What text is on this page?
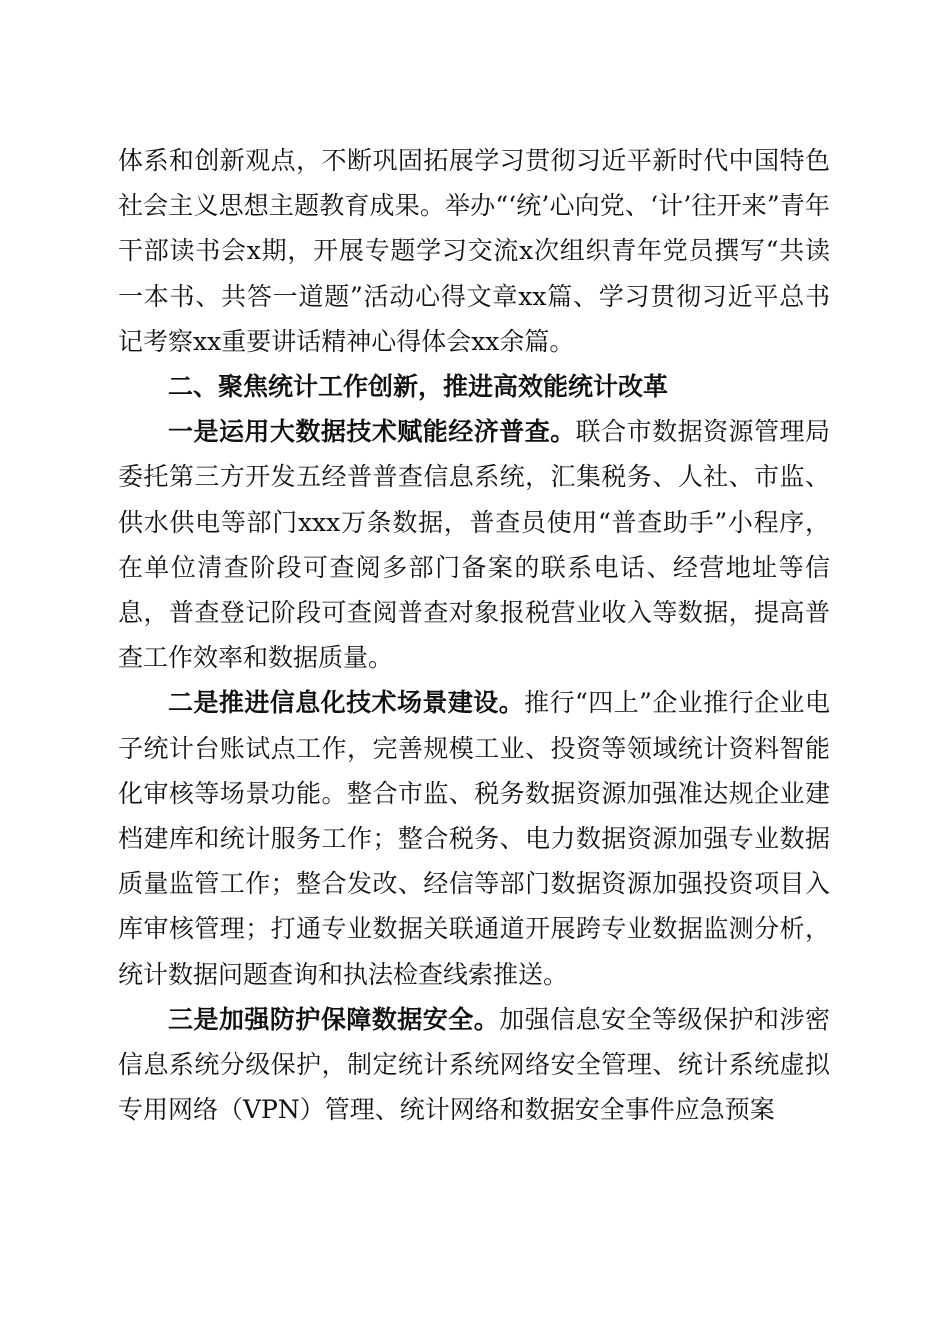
体系和创新观点，不断巩固拓展学习贯彻习近平新时代中国特色社会主义思想主题教育成果。举办“‘统’心向党、‘计’往开来”青年干部读书会x期，开展专题学习交流x次组织青年党员撰写“共读一本书、共答一道题”活动心得文章xx篇、学习贯彻习近平总书记考察xx重要讲话精神心得体会xx余篇。

二、聚焦统计工作创新，推进高效能统计改革

一是运用大数据技术赋能经济普查。联合市数据资源管理局委托第三方开发五经普普查信息系统，汇集税务、人社、市监、供水供电等部门xxx万条数据，普查员使用“普查助手”小程序，在单位清查阶段可查阅多部门备案的联系电话、经营地址等信息，普查登记阶段可查阅普查对象报税营业收入等数据，提高普查工作效率和数据质量。

二是推进信息化技术场景建设。推行“四上”企业推行企业电子统计台账试点工作，完善规模工业、投资等领域统计资料智能化审核等场景功能。整合市监、税务数据资源加强准达规企业建档建库和统计服务工作；整合税务、电力数据资源加强专业数据质量监管工作；整合发改、经信等部门数据资源加强投资项目入库审核管理；打通专业数据关联通道开展跨专业数据监测分析，统计数据问题查询和执法检查线索推送。

三是加强防护保障数据安全。加强信息安全等级保护和涉密信息系统分级保护，制定统计系统网络安全管理、统计系统虚拟专用网络（VPN）管理、统计网络和数据安全事件应急预案
